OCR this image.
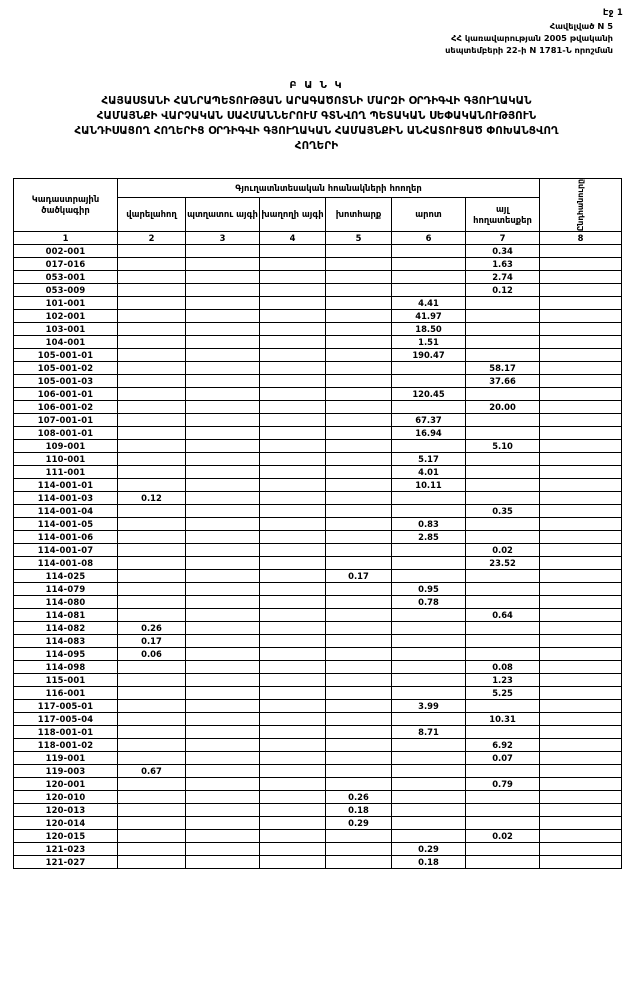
Էջ 1
Հավելված N 5
ՀՀ կառավարության 2005 թվականի
սեպտեմբերի 22-ի N 1781-Ն որոշման
Բ Ա Ն Կ
ՀԱՅԱՍՏԱՆԻ ՀԱՆՐԱՊԵՏՈՒԹՅԱՆ ԱՐԱԳԱԾՈՏՆԻ ՄԱՐԶԻ ՕՐԴԻԳՎԻ ԳՅՈՒՂԱԿԱՆ
ՀԱՄԱՅՆՔԻ ՎԱՐՉԱԿԱՆ ՍԱՀՄԱՆՆԵՐՈՒՄ ԳՏՆՎՈՂ ՊԵՏԱԿԱՆ ՍԵՓԱԿԱՆՈՒԹՅՈՒՆ
ՀԱՆԴԻՍԱՑՈՂ ՀՈՂԵՐԻՑ ՕՐԴԻԳՎԻ ԳՅՈՒՂԱԿԱՆ ՀԱՄԱՅՆՔԻՆ ԱՆՀԱՏՈՒՑԱԾ ՓՈԽԱՆՑՎՈՂ
ՀՈՂԵՐԻ
Կադաստրային ծածկագիր	Գյուղատնտեսական հոանակների հոողեր						Ընդհանուրը

	վարելահող	պտղատու այգի	խաղողի այգի	խոտհարք	արոտ	այլ հողատեսքեր	
1	2	3	4	5	6	7	8
002-001						0.34	
017-016						1.63	
053-001						2.74	
053-009						0.12	
101-001					4.41		
102-001					41.97		
103-001					18.50		
104-001					1.51		
105-001-01					190.47		
105-001-02						58.17	
105-001-03						37.66	
106-001-01					120.45		
106-001-02						20.00	
107-001-01					67.37		
108-001-01					16.94		
109-001						5.10	
110-001					5.17		
111-001					4.01		
114-001-01					10.11		
114-001-03	0.12						
114-001-04						0.35	
114-001-05					0.83		
114-001-06					2.85		
114-001-07						0.02	
114-001-08						23.52	
114-025				0.17			
114-079					0.95		
114-080					0.78		
114-081						0.64	
114-082	0.26						
114-083	0.17						
114-095	0.06						
114-098						0.08	
115-001						1.23	
116-001						5.25	
117-005-01					3.99		
117-005-04						10.31	
118-001-01					8.71		
118-001-02						6.92	
119-001						0.07	
119-003	0.67						
120-001						0.79	
120-010				0.26			
120-013				0.18			
120-014				0.29			
120-015						0.02	
121-023					0.29		
121-027					0.18		
